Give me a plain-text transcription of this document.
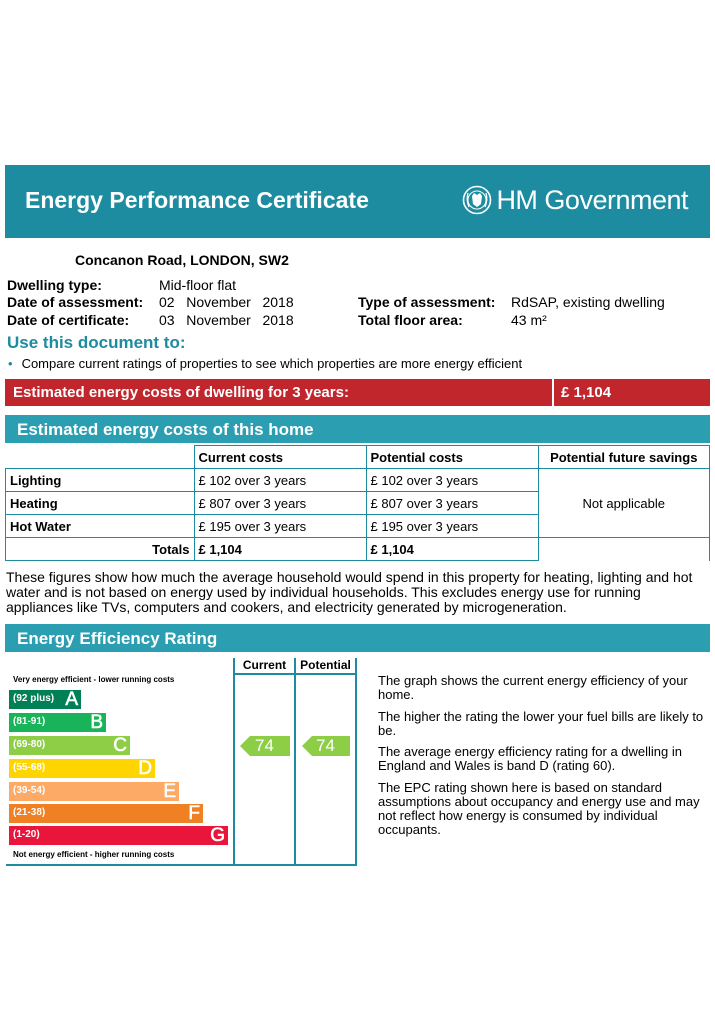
Energy Performance Certificate	HM Government
Concanon Road, LONDON, SW2
Dwelling type:	Mid-floor flat
Date of assessment: 02   November   2018
Date of certificate: 03   November   2018
Type of assessment: RdSAP, existing dwelling
Total floor area:	43 m²
Use this document to:
• Compare current ratings of properties to see which properties are more energy efficient
Estimated energy costs of dwelling for 3 years:	£ 1,104
Estimated energy costs of this home
	Current costs	Potential costs	Potential future savings
Lighting	£ 102 over 3 years	£ 102 over 3 years	Not applicable
Heating	£ 807 over 3 years	£ 807 over 3 years	
Hot Water	£ 195 over 3 years	£ 195 over 3 years	
Totals	£ 1,104	£ 1,104	
These figures show how much the average household would spend in this property for heating, lighting and hot water and is not based on energy used by individual households. This excludes energy use for running appliances like TVs, computers and cookers, and electricity generated by microgeneration.
Energy Efficiency Rating
Current	Potential
Very energy efficient - lower running costs
(92 plus) A
(81-91) B
(69-80)	C
(55-68)	D
(39-54)	E
(21-38)	F
(1-20)	G
Not energy efficient - higher running costs
74 74
The graph shows the current energy efficiency of your home.
The higher the rating the lower your fuel bills are likely to be.
The average energy efficiency rating for a dwelling in England and Wales is band D (rating 60).
The EPC rating shown here is based on standard assumptions about occupancy and energy use and may not reflect how energy is consumed by individual occupants.
